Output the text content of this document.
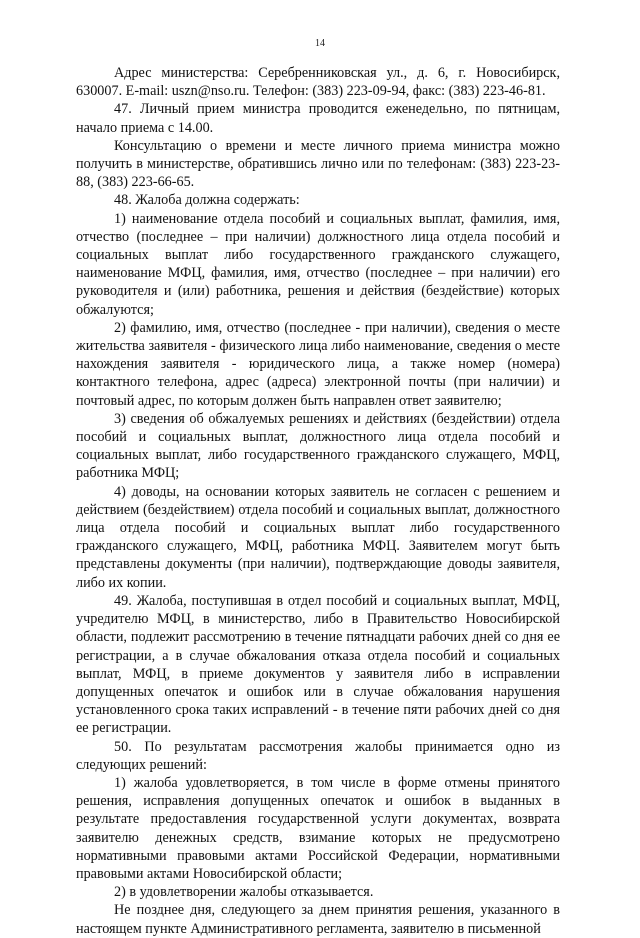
14

Адрес министерства: Серебренниковская ул., д. 6, г. Новосибирск, 630007. E-mail: uszn@nso.ru. Телефон: (383) 223-09-94, факс: (383) 223-46-81.

47. Личный прием министра проводится еженедельно, по пятницам, начало приема с 14.00.

Консультацию о времени и месте личного приема министра можно получить в министерстве, обратившись лично или по телефонам: (383) 223-23-88, (383) 223-66-65.

48. Жалоба должна содержать:

1) наименование отдела пособий и социальных выплат, фамилия, имя, отчество (последнее – при наличии) должностного лица отдела пособий и социальных выплат либо государственного гражданского служащего, наименование МФЦ, фамилия, имя, отчество (последнее – при наличии) его руководителя и (или) работника, решения и действия (бездействие) которых обжалуются;

2) фамилию, имя, отчество (последнее - при наличии), сведения о месте жительства заявителя - физического лица либо наименование, сведения о месте нахождения заявителя - юридического лица, а также номер (номера) контактного телефона, адрес (адреса) электронной почты (при наличии) и почтовый адрес, по которым должен быть направлен ответ заявителю;

3) сведения об обжалуемых решениях и действиях (бездействии) отдела пособий и социальных выплат, должностного лица отдела пособий и социальных выплат, либо государственного гражданского служащего, МФЦ, работника МФЦ;

4) доводы, на основании которых заявитель не согласен с решением и действием (бездействием) отдела пособий и социальных выплат, должностного лица отдела пособий и социальных выплат либо государственного гражданского служащего, МФЦ, работника МФЦ. Заявителем могут быть представлены документы (при наличии), подтверждающие доводы заявителя, либо их копии.

49. Жалоба, поступившая в отдел пособий и социальных выплат, МФЦ, учредителю МФЦ, в министерство, либо в Правительство Новосибирской области, подлежит рассмотрению в течение пятнадцати рабочих дней со дня ее регистрации, а в случае обжалования отказа отдела пособий и социальных выплат, МФЦ, в приеме документов у заявителя либо в исправлении допущенных опечаток и ошибок или в случае обжалования нарушения установленного срока таких исправлений - в течение пяти рабочих дней со дня ее регистрации.

50. По результатам рассмотрения жалобы принимается одно из следующих решений:

1) жалоба удовлетворяется, в том числе в форме отмены принятого решения, исправления допущенных опечаток и ошибок в выданных в результате предоставления государственной услуги документах, возврата заявителю денежных средств, взимание которых не предусмотрено нормативными правовыми актами Российской Федерации, нормативными правовыми актами Новосибирской области;

2) в удовлетворении жалобы отказывается.

Не позднее дня, следующего за днем принятия решения, указанного в настоящем пункте Административного регламента, заявителю в письменной
